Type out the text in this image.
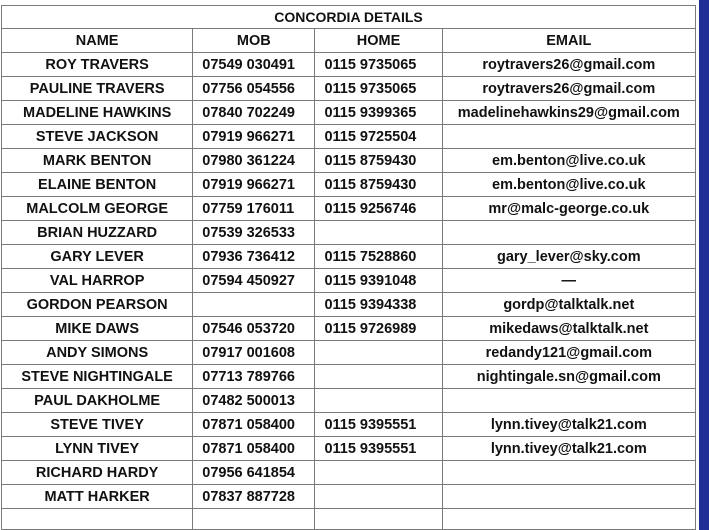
CONCORDIA DETAILS			
NAME	MOB	HOME	EMAIL
ROY TRAVERS	07549 030491	0115 9735065	roytravers26@gmail.com
PAULINE TRAVERS	07756 054556	0115 9735065	roytravers26@gmail.com
MADELINE HAWKINS	07840 702249	0115 9399365	madelinehawkins29@gmail.com
STEVE JACKSON	07919 966271	0115 9725504	
MARK BENTON	07980 361224	0115 8759430	em.benton@live.co.uk
ELAINE BENTON	07919 966271	0115 8759430	em.benton@live.co.uk
MALCOLM GEORGE	07759 176011	0115 9256746	mr@malc-george.co.uk
BRIAN HUZZARD	07539 326533		
GARY LEVER	07936 736412	0115 7528860	gary_lever@sky.com
VAL HARROP	07594 450927	0115 9391048	—
GORDON PEARSON		0115 9394338	gordp@talktalk.net
MIKE DAWS	07546 053720	0115 9726989	mikedaws@talktalk.net
ANDY SIMONS	07917 001608		redandy121@gmail.com
STEVE NIGHTINGALE	07713 789766		nightingale.sn@gmail.com
PAUL DAKHOLME	07482 500013		
STEVE TIVEY	07871 058400	0115 9395551	lynn.tivey@talk21.com
LYNN TIVEY	07871 058400	0115 9395551	lynn.tivey@talk21.com
RICHARD HARDY	07956 641854		
MATT HARKER	07837 887728		
